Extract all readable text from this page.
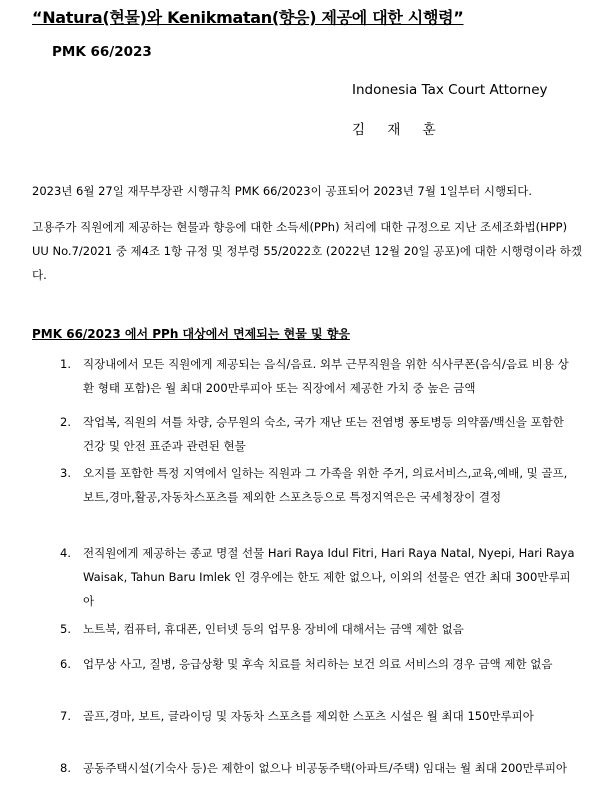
“Natura(현물)와 Kenikmatan(향응) 제공에 대한 시행령”
PMK 66/2023
Indonesia Tax Court Attorney
김 재 훈
2023년 6월 27일 재무부장관 시행규칙 PMK 66/2023이 공표되어 2023년 7월 1일부터 시행되다.
고용주가 직원에게 제공하는 현물과 향응에 대한 소득세(PPh) 처리에 대한 규정으로 지난 조세조화법(HPP) UU No.7/2021 중 제4조 1항 규정 및 정부령 55/2022호 (2022년 12월 20일 공포)에 대한 시행령이라 하겠다.
PMK 66/2023 에서 PPh 대상에서 면제되는 현물 및 향응
1. 직장내에서 모든 직원에게 제공되는 음식/음료. 외부 근무직원을 위한 식사쿠폰(음식/음료 비용 상환 형태 포함)은 월 최대 200만루피아 또는 직장에서 제공한 가치 중 높은 금액
2. 작업복, 직원의 셔틀 차량, 승무원의 숙소, 국가 재난 또는 전염병 퐁토병등 의약품/백신을 포함한 건강 및 안전 표준과 관련된 현물
3. 오지를 포함한 특정 지역에서 일하는 직원과 그 가족을 위한 주거, 의료서비스,교육,예배, 및 골프,보트,경마,활공,자동차스포츠를 제외한 스포츠등으로 특정지역은은 국세청장이 결정
4. 전직원에게 제공하는 종교 명절 선물 Hari Raya Idul Fitri, Hari Raya Natal, Nyepi, Hari Raya Waisak, Tahun Baru Imlek 인 경우에는 한도 제한 없으나, 이외의 선물은 연간 최대 300만루피아
5. 노트북, 컴퓨터, 휴대폰, 인터넷 등의 업무용 장비에 대해서는 금액 제한 없음
6. 업무상 사고, 질병, 응급상황 및 후속 치료를 처리하는 보건 의료 서비스의 경우 금액 제한 없음
7. 골프,경마, 보트, 글라이딩 및 자동차 스포츠를 제외한 스포츠 시설은 월 최대 150만루피아
8. 공동주택시설(기숙사 등)은 제한이 없으나 비공동주택(아파트/주택) 임대는 월 최대 200만루피아
